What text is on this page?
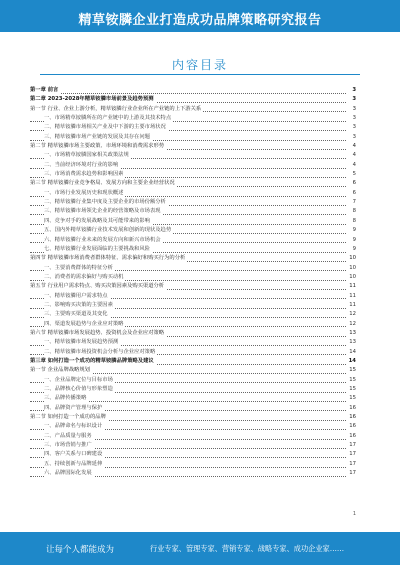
精草铵膦企业打造成功品牌策略研究报告
内容目录
第一章 前言	3
第二章 2023-2028年精草铵膦市场前景及趋势预测	3
第一节 行业、企业上游分析，精草铵膦行业企业所在产业链的上下游关系	3
一、市场精草铵膦所在的产业链中的上游及其技术特点	3
二、精草铵膦市场相关产业及中下游的主要市场状况	3
三、精草铵膦市场产业链的发展及其存在问题	3
第二节 精草铵膦市场主要政策、市场环境和消费需求形势	4
一、市场精草铵膦国家相关政策法规	4
二、当前经济环境对行业的影响	4
三、市场消费需求趋势和影响因素	5
第三节 精草铵膦行业竞争格局、发展方向和主要企业经营状况	6
一、市场行业发展历史和现状概述	6
二、精草铵膦行业集中度及主要企业的市场份额分析	7
三、精草铵膦市场领先企业的经营策略及市场表现	8
四、竞争对手的发展战略及其可能带来的影响	8
五、国内外精草铵膦行业技术发展和创新的现状及趋势	9
六、精草铵膦行业未来的发展方向和新兴市场机会	9
七、精草铵膦行业发展面临的主要挑战和风险	9
第四节 精草铵膦市场消费者群体特征、需求偏好和购买行为的分析	10
一、主要消费群体的特征分析	10
二、消费者的需求偏好与购买动机	10
第五节 行业用户需求特点、购买决策因素及购买渠道分析	11
一、精草铵膦用户需求特点	11
二、影响购买决策的主要因素	11
三、主要购买渠道及其变化	12
四、渠道发展趋势与企业应对策略	12
第六节 精草铵膦市场发展趋势、投资机会及企业应对策略	13
一、精草铵膦市场发展趋势预测	13
二、精草铵膦市场投资机会分析与企业应对策略	14
第三章 如何打造一个成功的精草铵膦品牌策略及建议	14
第一节 企业品牌战略规划	15
一、企业品牌定位与目标市场	15
二、品牌核心价值与形象塑造	15
三、品牌传播策略	15
四、品牌资产管理与保护	16
第二节 如何打造一个成功的品牌	16
一、品牌命名与标识设计	16
二、产品质量与服务	16
三、市场营销与推广	17
四、客户关系与口碑建设	17
五、持续创新与品牌延伸	17
六、品牌国际化发展	17
1
让每个人都能成为	行业专家、管理专家、营销专家、战略专家、成功企业家……
